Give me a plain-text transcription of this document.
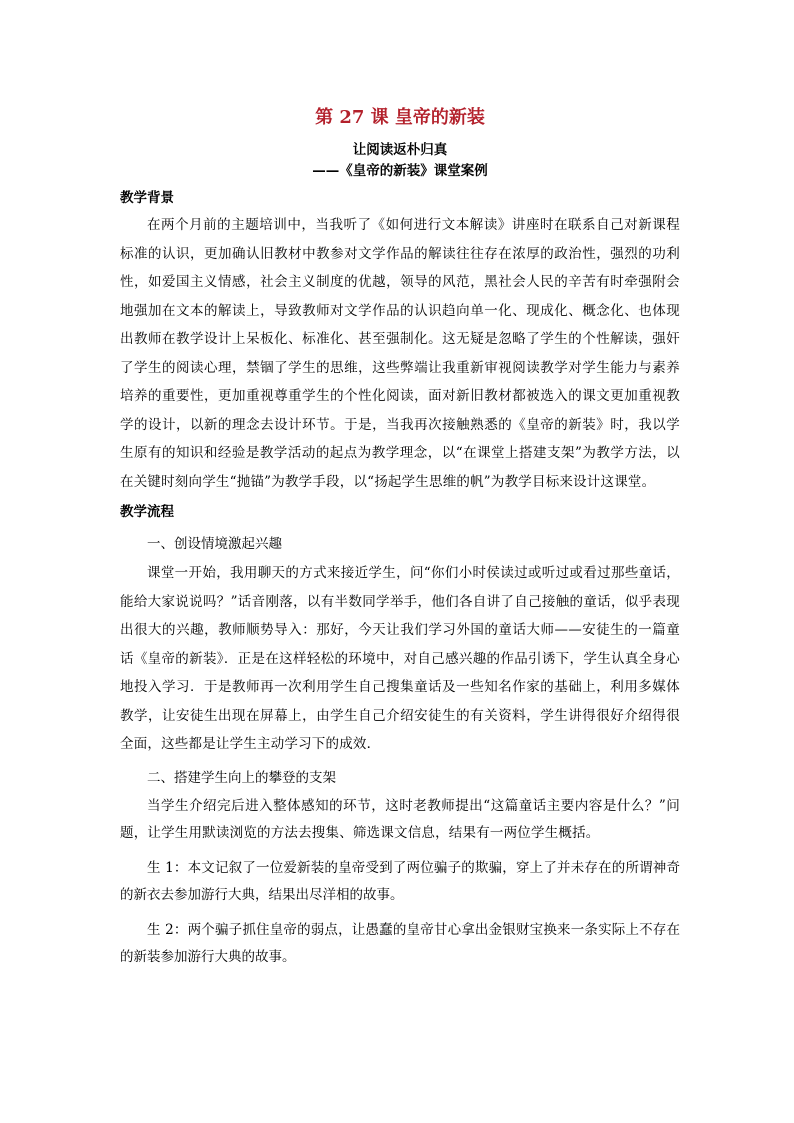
第 27 课 皇帝的新装

让阅读返朴归真

——《皇帝的新装》课堂案例

教学背景

在两个月前的主题培训中，当我听了《如何进行文本解读》讲座时在联系自己对新课程标准的认识，更加确认旧教材中教参对文学作品的解读往往存在浓厚的政治性，强烈的功利性，如爱国主义情感，社会主义制度的优越，领导的风范，黑社会人民的辛苦有时牵强附会地强加在文本的解读上，导致教师对文学作品的认识趋向单一化、现成化、概念化、也体现出教师在教学设计上呆板化、标准化、甚至强制化。这无疑是忽略了学生的个性解读，强奸了学生的阅读心理，禁锢了学生的思维，这些弊端让我重新审视阅读教学对学生能力与素养培养的重要性，更加重视尊重学生的个性化阅读，面对新旧教材都被选入的课文更加重视教学的设计，以新的理念去设计环节。于是，当我再次接触熟悉的《皇帝的新装》时，我以学生原有的知识和经验是教学活动的起点为教学理念，以“在课堂上搭建支架”为教学方法，以在关键时刻向学生“抛锚”为教学手段，以“扬起学生思维的帆”为教学目标来设计这课堂。

教学流程
一、创设情境激起兴趣

课堂一开始，我用聊天的方式来接近学生，问“你们小时侯读过或听过或看过那些童话，能给大家说说吗？”话音刚落，以有半数同学举手，他们各自讲了自己接触的童话，似乎表现出很大的兴趣，教师顺势导入：那好，今天让我们学习外国的童话大师——安徒生的一篇童话《皇帝的新装》．正是在这样轻松的环境中，对自己感兴趣的作品引诱下，学生认真全身心地投入学习．于是教师再一次利用学生自己搜集童话及一些知名作家的基础上，利用多媒体教学，让安徒生出现在屏幕上，由学生自己介绍安徒生的有关资料，学生讲得很好介绍得很全面，这些都是让学生主动学习下的成效．

二、搭建学生向上的攀登的支架

当学生介绍完后进入整体感知的环节，这时老教师提出“这篇童话主要内容是什么？”问题，让学生用默读浏览的方法去搜集、筛选课文信息，结果有一两位学生概括。

生 1：本文记叙了一位爱新装的皇帝受到了两位骗子的欺骗，穿上了并未存在的所谓神奇的新衣去参加游行大典，结果出尽洋相的故事。

生 2：两个骗子抓住皇帝的弱点，让愚蠢的皇帝甘心拿出金银财宝换来一条实际上不存在的新装参加游行大典的故事。
